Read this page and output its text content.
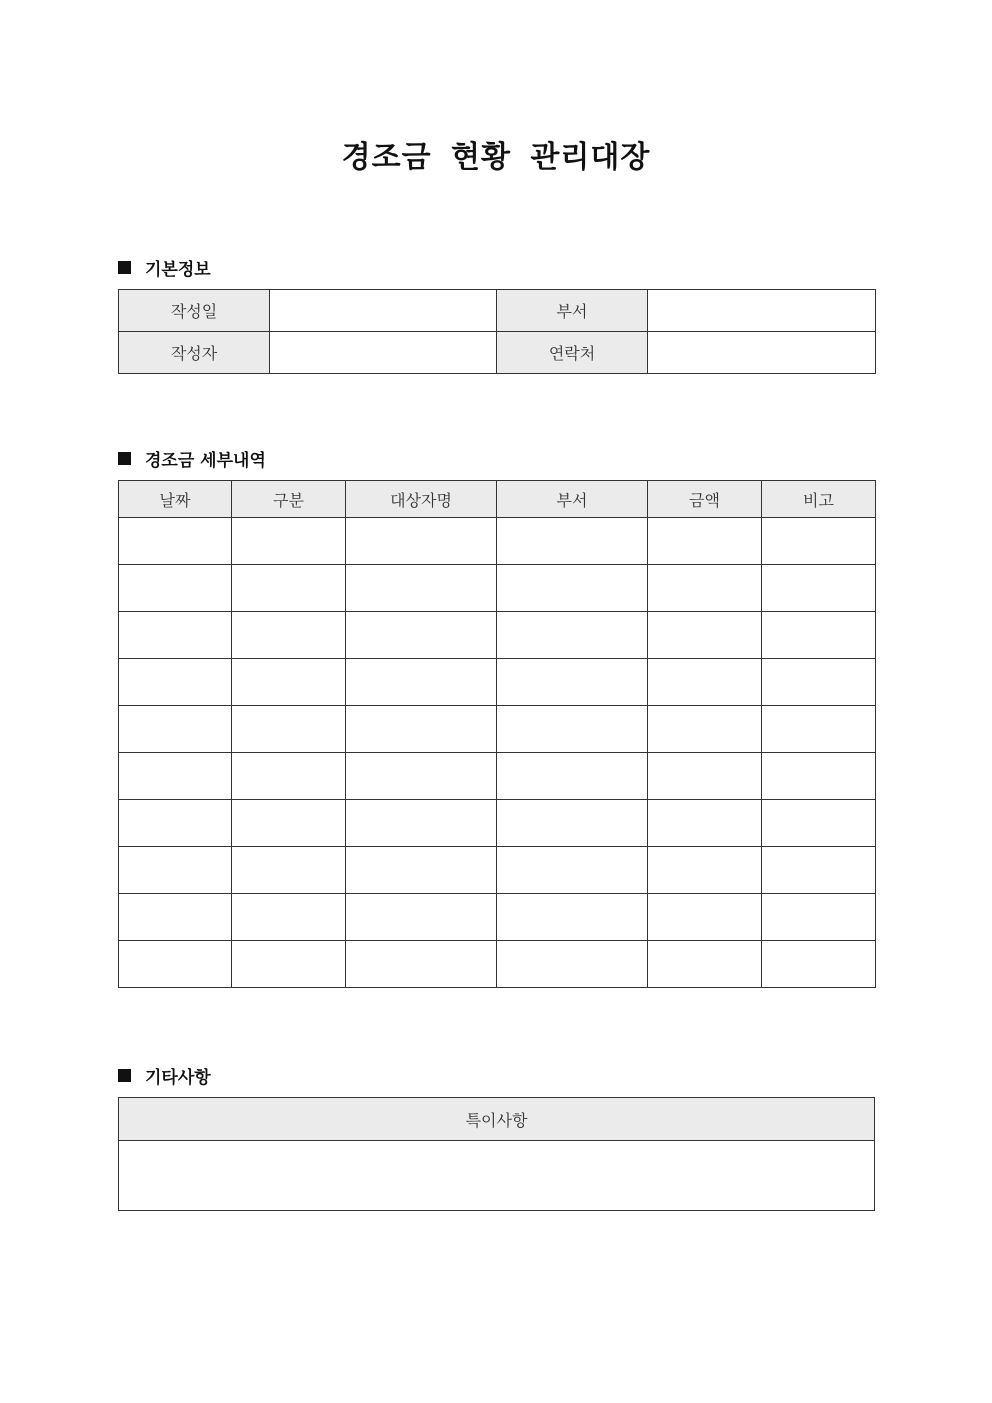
경조금 현황 관리대장
기본정보
작성일		부서	
작성자		연락처	
경조금 세부내역
날짜	구분	대상자명	부서	금액	비고

기타사항
특이사항
